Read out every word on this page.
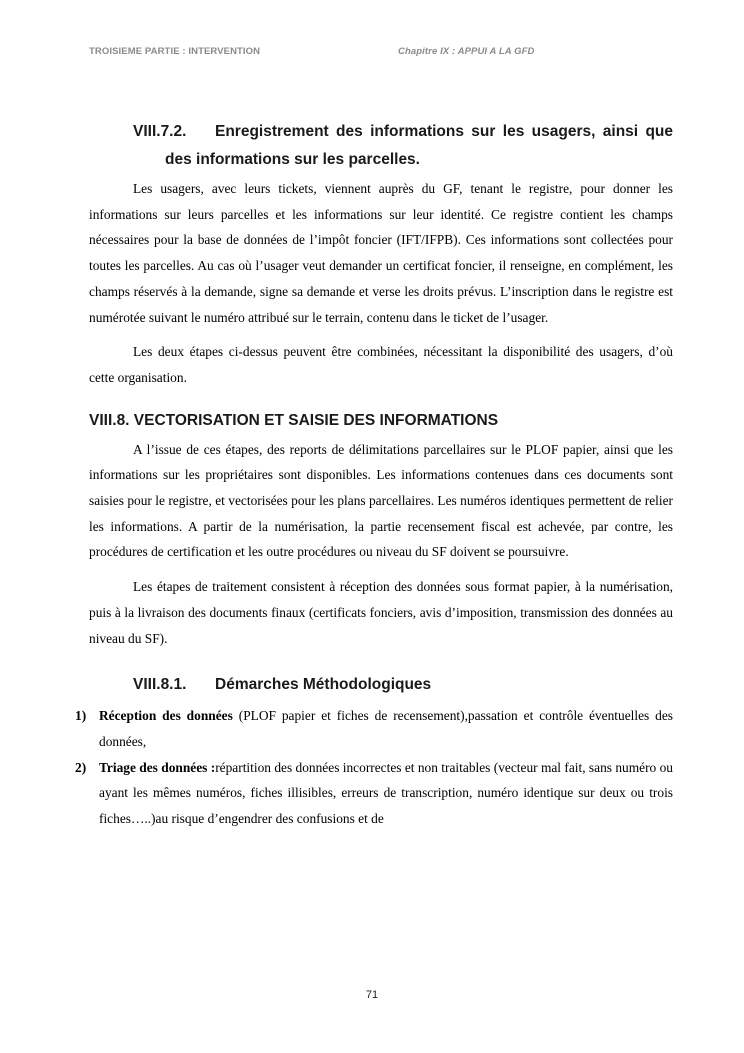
TROISIEME PARTIE : INTERVENTION	Chapitre IX : APPUI A LA GFD
VIII.7.2. Enregistrement des informations sur les usagers, ainsi que des informations sur les parcelles.

Les usagers, avec leurs tickets, viennent auprès du GF, tenant le registre, pour donner les informations sur leurs parcelles et les informations sur leur identité. Ce registre contient les champs nécessaires pour la base de données de l’impôt foncier (IFT/IFPB). Ces informations sont collectées pour toutes les parcelles. Au cas où l’usager veut demander un certificat foncier, il renseigne, en complément, les champs réservés à la demande, signe sa demande et verse les droits prévus. L’inscription dans le registre est numérotée suivant le numéro attribué sur le terrain, contenu dans le ticket de l’usager.

Les deux étapes ci-dessus peuvent être combinées, nécessitant la disponibilité des usagers, d’où cette organisation.

VIII.8. VECTORISATION ET SAISIE DES INFORMATIONS

A l’issue de ces étapes, des reports de délimitations parcellaires sur le PLOF papier, ainsi que les informations sur les propriétaires sont disponibles. Les informations contenues dans ces documents sont saisies pour le registre, et vectorisées pour les plans parcellaires. Les numéros identiques permettent de relier les informations. A partir de la numérisation, la partie recensement fiscal est achevée, par contre, les procédures de certification et les outre procédures ou niveau du SF doivent se poursuivre.

Les étapes de traitement consistent à réception des données sous format papier, à la numérisation, puis à la livraison des documents finaux (certificats fonciers, avis d’imposition, transmission des données au niveau du SF).

VIII.8.1. Démarches Méthodologiques
1) Réception des données (PLOF papier et fiches de recensement),passation et contrôle éventuelles des données,
2) Triage des données :répartition des données incorrectes et non traitables (vecteur mal fait, sans numéro ou ayant les mêmes numéros, fiches illisibles, erreurs de transcription, numéro identique sur deux ou trois fiches…..)au risque d’engendrer des confusions et de
71
